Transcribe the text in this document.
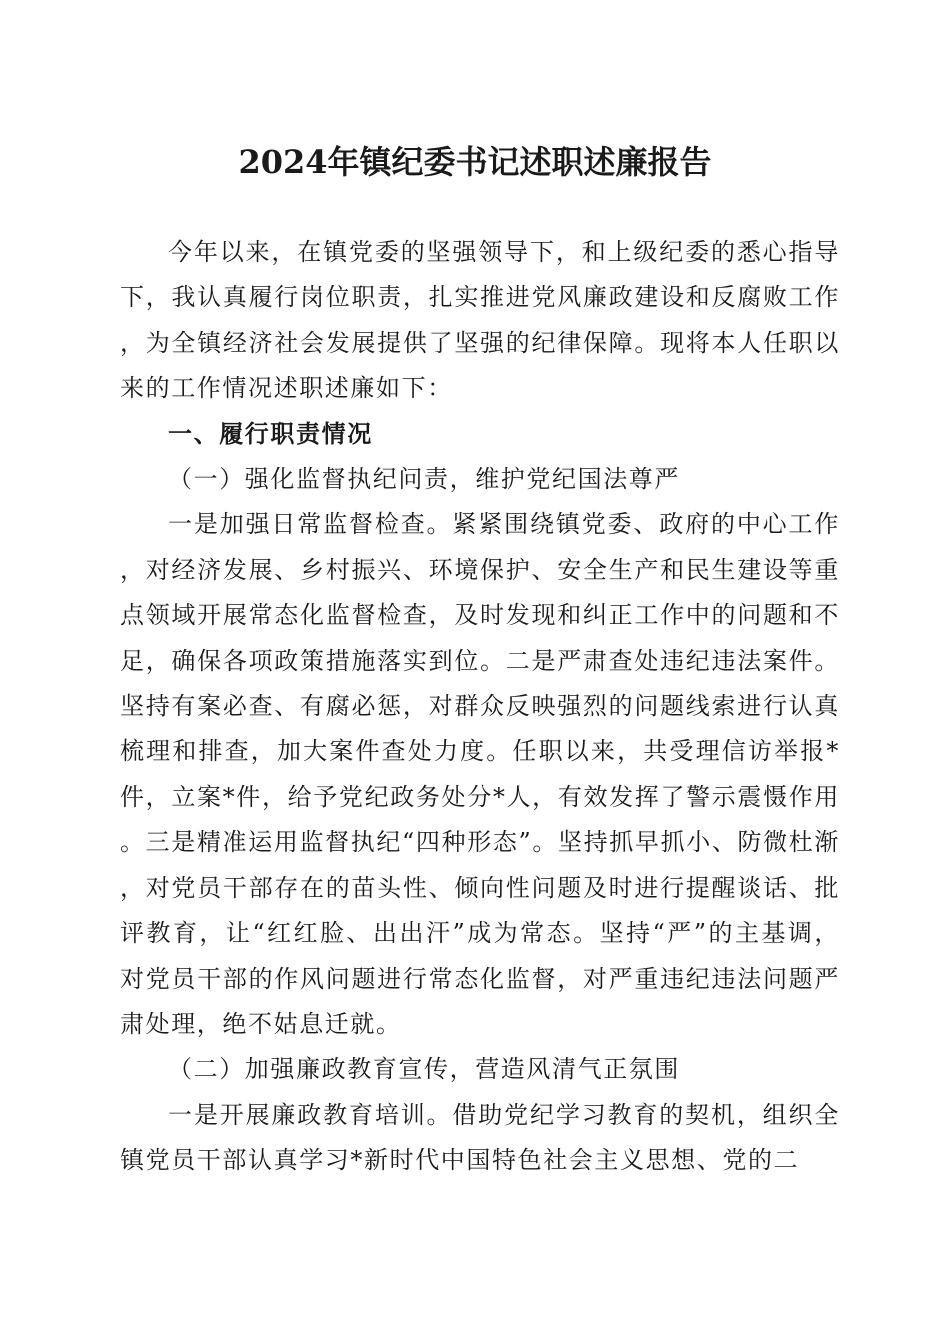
2024年镇纪委书记述职述廉报告

今年以来，在镇党委的坚强领导下，和上级纪委的悉心指导下，我认真履行岗位职责，扎实推进党风廉政建设和反腐败工作，为全镇经济社会发展提供了坚强的纪律保障。现将本人任职以来的工作情况述职述廉如下：

一、履行职责情况

（一）强化监督执纪问责，维护党纪国法尊严

一是加强日常监督检查。紧紧围绕镇党委、政府的中心工作，对经济发展、乡村振兴、环境保护、安全生产和民生建设等重点领域开展常态化监督检查，及时发现和纠正工作中的问题和不足，确保各项政策措施落实到位。二是严肃查处违纪违法案件。坚持有案必查、有腐必惩，对群众反映强烈的问题线索进行认真梳理和排查，加大案件查处力度。任职以来，共受理信访举报*件，立案*件，给予党纪政务处分*人，有效发挥了警示震慑作用。三是精准运用监督执纪“四种形态”。坚持抓早抓小、防微杜渐，对党员干部存在的苗头性、倾向性问题及时进行提醒谈话、批评教育，让“红红脸、出出汗”成为常态。坚持“严”的主基调，对党员干部的作风问题进行常态化监督，对严重违纪违法问题严肃处理，绝不姑息迁就。

（二）加强廉政教育宣传，营造风清气正氛围

一是开展廉政教育培训。借助党纪学习教育的契机，组织全镇党员干部认真学习*新时代中国特色社会主义思想、党的二
